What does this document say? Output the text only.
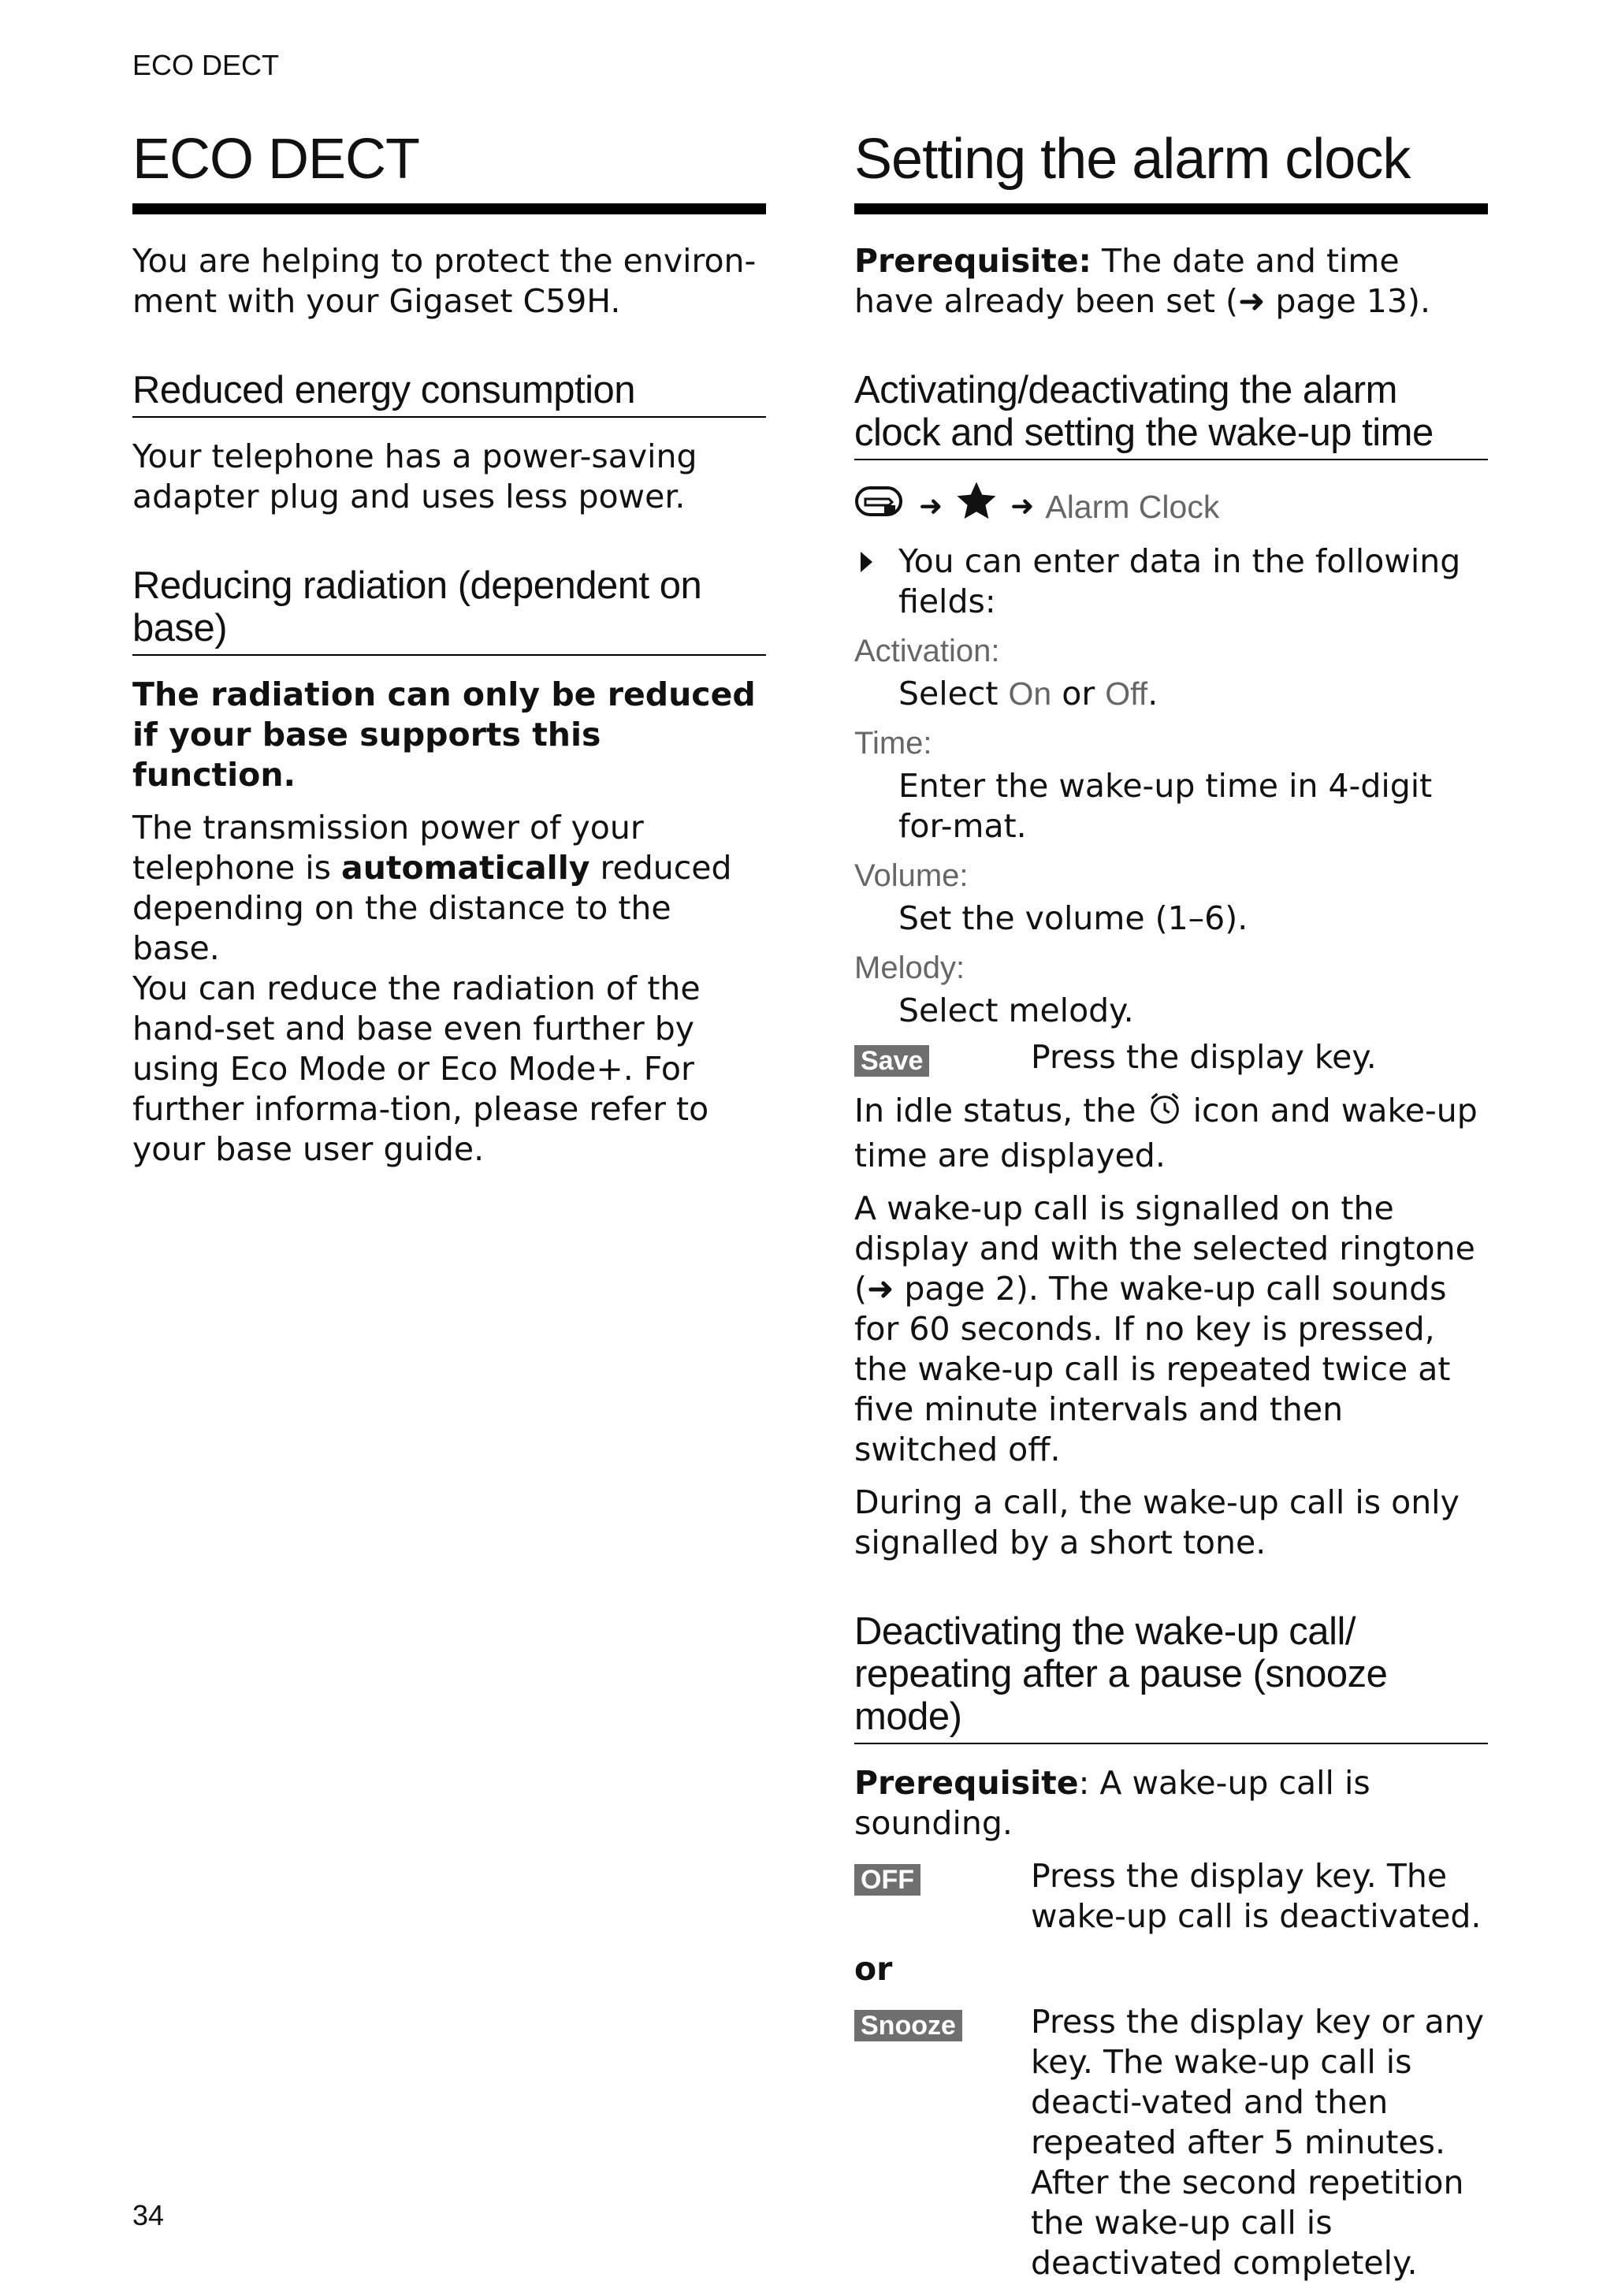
ECO DECT
ECO DECT
You are helping to protect the environ-ment with your Gigaset C59H.
Reduced energy consumption
Your telephone has a power-saving adapter plug and uses less power.
Reducing radiation (dependent on base)
The radiation can only be reduced if your base supports this function.
The transmission power of your telephone is automatically reduced depending on the distance to the base.
You can reduce the radiation of the hand-set and base even further by using Eco Mode or Eco Mode+. For further informa-tion, please refer to your base user guide.
Setting the alarm clock
Prerequisite: The date and time have already been set (➜ page 13).
Activating/deactivating the alarm clock and setting the wake-up time
➜ ➜ Alarm Clock
You can enter data in the following fields:
Activation:
Select On or Off.
Time:
Enter the wake-up time in 4-digit for-mat.
Volume:
Set the volume (1–6).
Melody:
Select melody.
Save	Press the display key.
In idle status, the  icon and wake-up time are displayed.
A wake-up call is signalled on the display and with the selected ringtone (➜ page 2). The wake-up call sounds for 60 seconds. If no key is pressed, the wake-up call is repeated twice at five minute intervals and then switched off.
During a call, the wake-up call is only signalled by a short tone.
Deactivating the wake-up call/ repeating after a pause (snooze mode)
Prerequisite: A wake-up call is sounding.
OFF	Press the display key. The wake-up call is deactivated.
or
Snooze	Press the display key or any key. The wake-up call is deacti-vated and then repeated after 5 minutes. After the second repetition the wake-up call is deactivated completely.
34
